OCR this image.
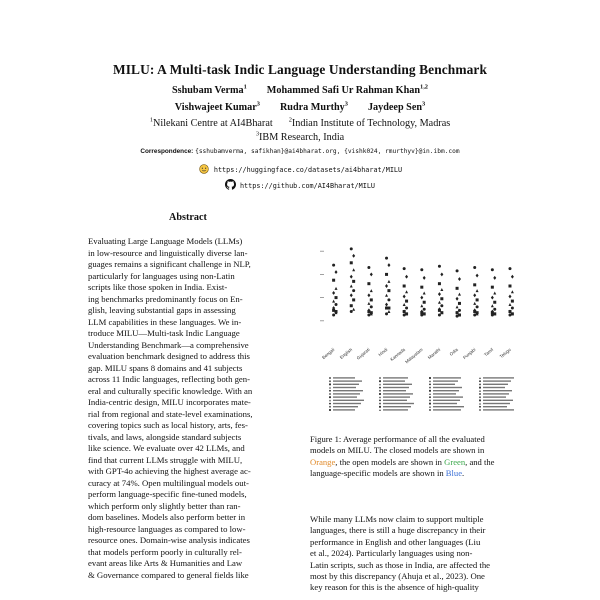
MILU: A Multi-task Indic Language Understanding Benchmark
Sshubam Verma$^1$ Mohammed Safi Ur Rahman Khan$^{1,2}$
Vishwajeet Kumar$^3$ Rudra Murthy$^3$ Jaydeep Sen$^3$
$^1$Nilekani Centre at AI4Bharat	$^2$Indian Institute of Technology, Madras
$^3$IBM Research, India
Correspondence: {sshubamverma, safikhan}@ai4bharat.org, {vishk024, rmurthyv}@in.ibm.com
https://huggingface.co/datasets/ai4bharat/MILU
https://github.com/AI4Bharat/MILU
Abstract
Evaluating Large Language Models (LLMs)
in low-resource and linguistically diverse lan-
guages remains a significant challenge in NLP,
particularly for languages using non-Latin
scripts like those spoken in India. Exist-
ing benchmarks predominantly focus on En-
glish, leaving substantial gaps in assessing
LLM capabilities in these languages. We in-
troduce MILU—Multi-task Indic Language
Understanding Benchmark—a comprehensive
evaluation benchmark designed to address this
gap. MILU spans 8 domains and 41 subjects
across 11 Indic languages, reflecting both gen-
eral and culturally specific knowledge. With an
India-centric design, MILU incorporates mate-
rial from regional and state-level examinations,
covering topics such as local history, arts, fes-
tivals, and laws, alongside standard subjects
like science. We evaluate over 42 LLMs, and
find that current LLMs struggle with MILU,
with GPT-4o achieving the highest average ac-
curacy at 74%. Open multilingual models out-
perform language-specific fine-tuned models,
which perform only slightly better than ran-
dom baselines. Models also perform better in
high-resource languages as compared to low-
resource ones. Domain-wise analysis indicates
that models perform poorly in culturally rel-
evant areas like Arts & Humanities and Law
& Governance compared to general fields like
Bengali English Gujarati Hindi Kannada
Malayalam Marathi Odia Punjabi Tamil Telugu
Figure 1: Average performance of all the evaluated
models on MILU. The closed models are shown in
Orange, the open models are shown in Green, and the
language-specific models are shown in Blue.
While many LLMs now claim to support multiple
languages, there is still a huge discrepancy in their
performance in English and other languages (Liu
et al., 2024). Particularly languages using non-
Latin scripts, such as those in India, are affected the
most by this discrepancy (Ahuja et al., 2023). One
key reason for this is the absence of high-quality
